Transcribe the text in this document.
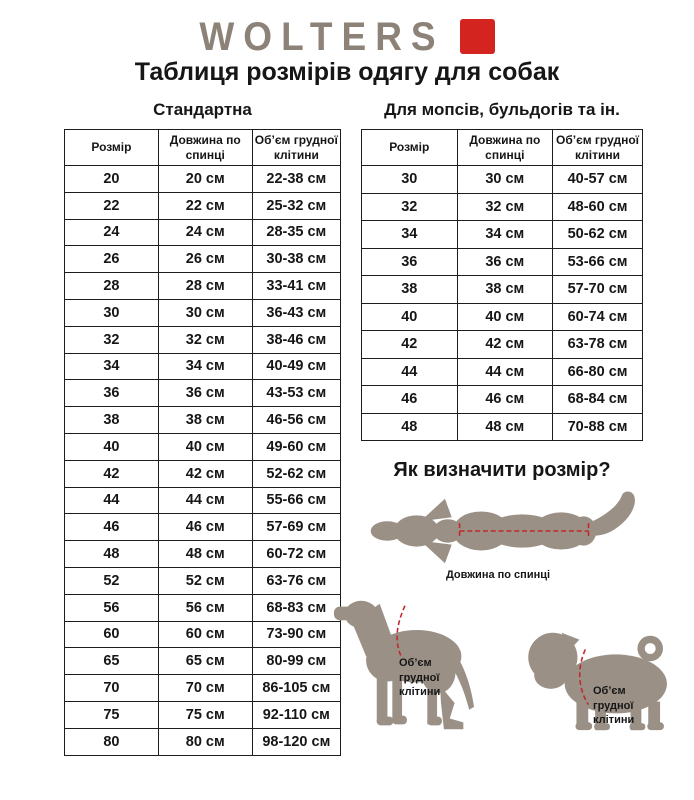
WOLTERS
Таблиця розмірів одягу для собак
Стандартна
Розмір	Довжина по спинці	Об’єм грудної клітини
20	20 см	22-38 см
22	22 см	25-32 см
24	24 см	28-35 см
26	26 см	30-38 см
28	28 см	33-41 см
30	30 см	36-43 см
32	32 см	38-46 см
34	34 см	40-49 см
36	36 см	43-53 см
38	38 см	46-56 см
40	40 см	49-60 см
42	42 см	52-62 см
44	44 см	55-66 см
46	46 см	57-69 см
48	48 см	60-72 см
52	52 см	63-76 см
56	56 см	68-83 см
60	60 см	73-90 см
65	65 см	80-99 см
70	70 см	86-105 см
75	75 см	92-110 см
80	80 см	98-120 см
Для мопсів, бульдогів та ін.
Розмір	Довжина по спинці	Об’єм грудної клітини
30	30 см	40-57 см
32	32 см	48-60 см
34	34 см	50-62 см
36	36 см	53-66 см
38	38 см	57-70 см
40	40 см	60-74 см
42	42 см	63-78 см
44	44 см	66-80 см
46	46 см	68-84 см
48	48 см	70-88 см
Як визначити розмір?
Довжина по спинці
Об’єм грудної клітини	Об’єм грудної клітини
